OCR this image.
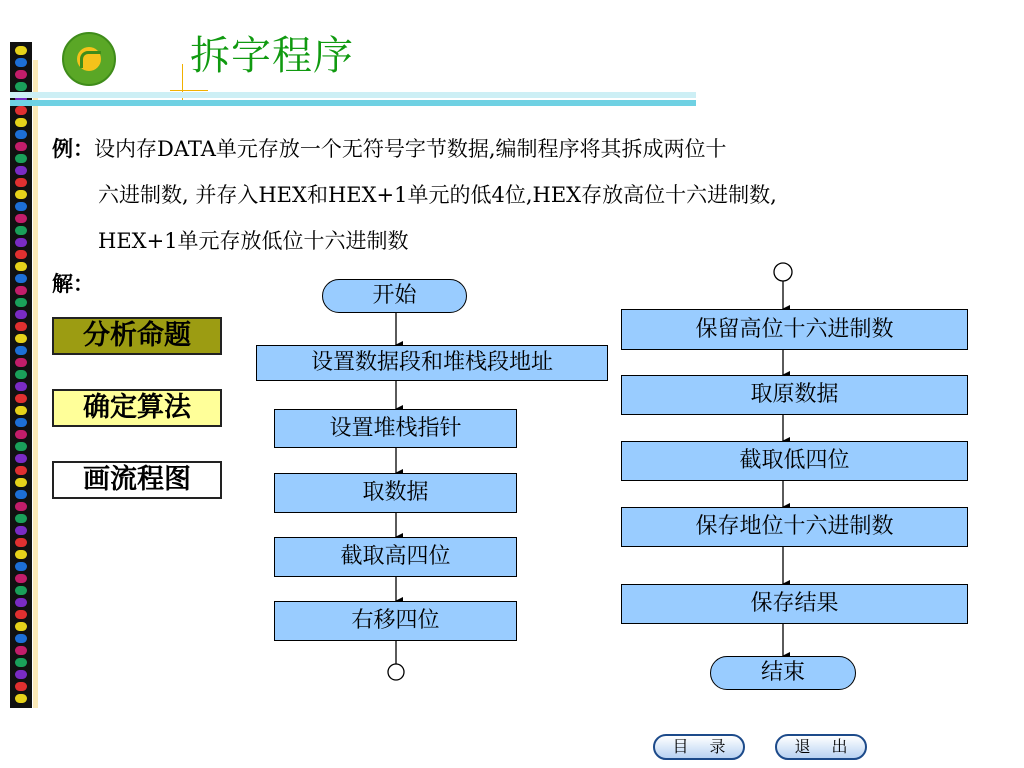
拆字程序
例：设内存DATA单元存放一个无符号字节数据,编制程序将其拆成两位十
六进制数, 并存入HEX和HEX+1单元的低4位,HEX存放高位十六进制数,
HEX+1单元存放低位十六进制数
解：
分析命题
确定算法
画流程图
开始
设置数据段和堆栈段地址
设置堆栈指针
取数据
截取高四位
右移四位
保留高位十六进制数
取原数据
截取低四位
保存地位十六进制数
保存结果
结束
目 录	退 出
